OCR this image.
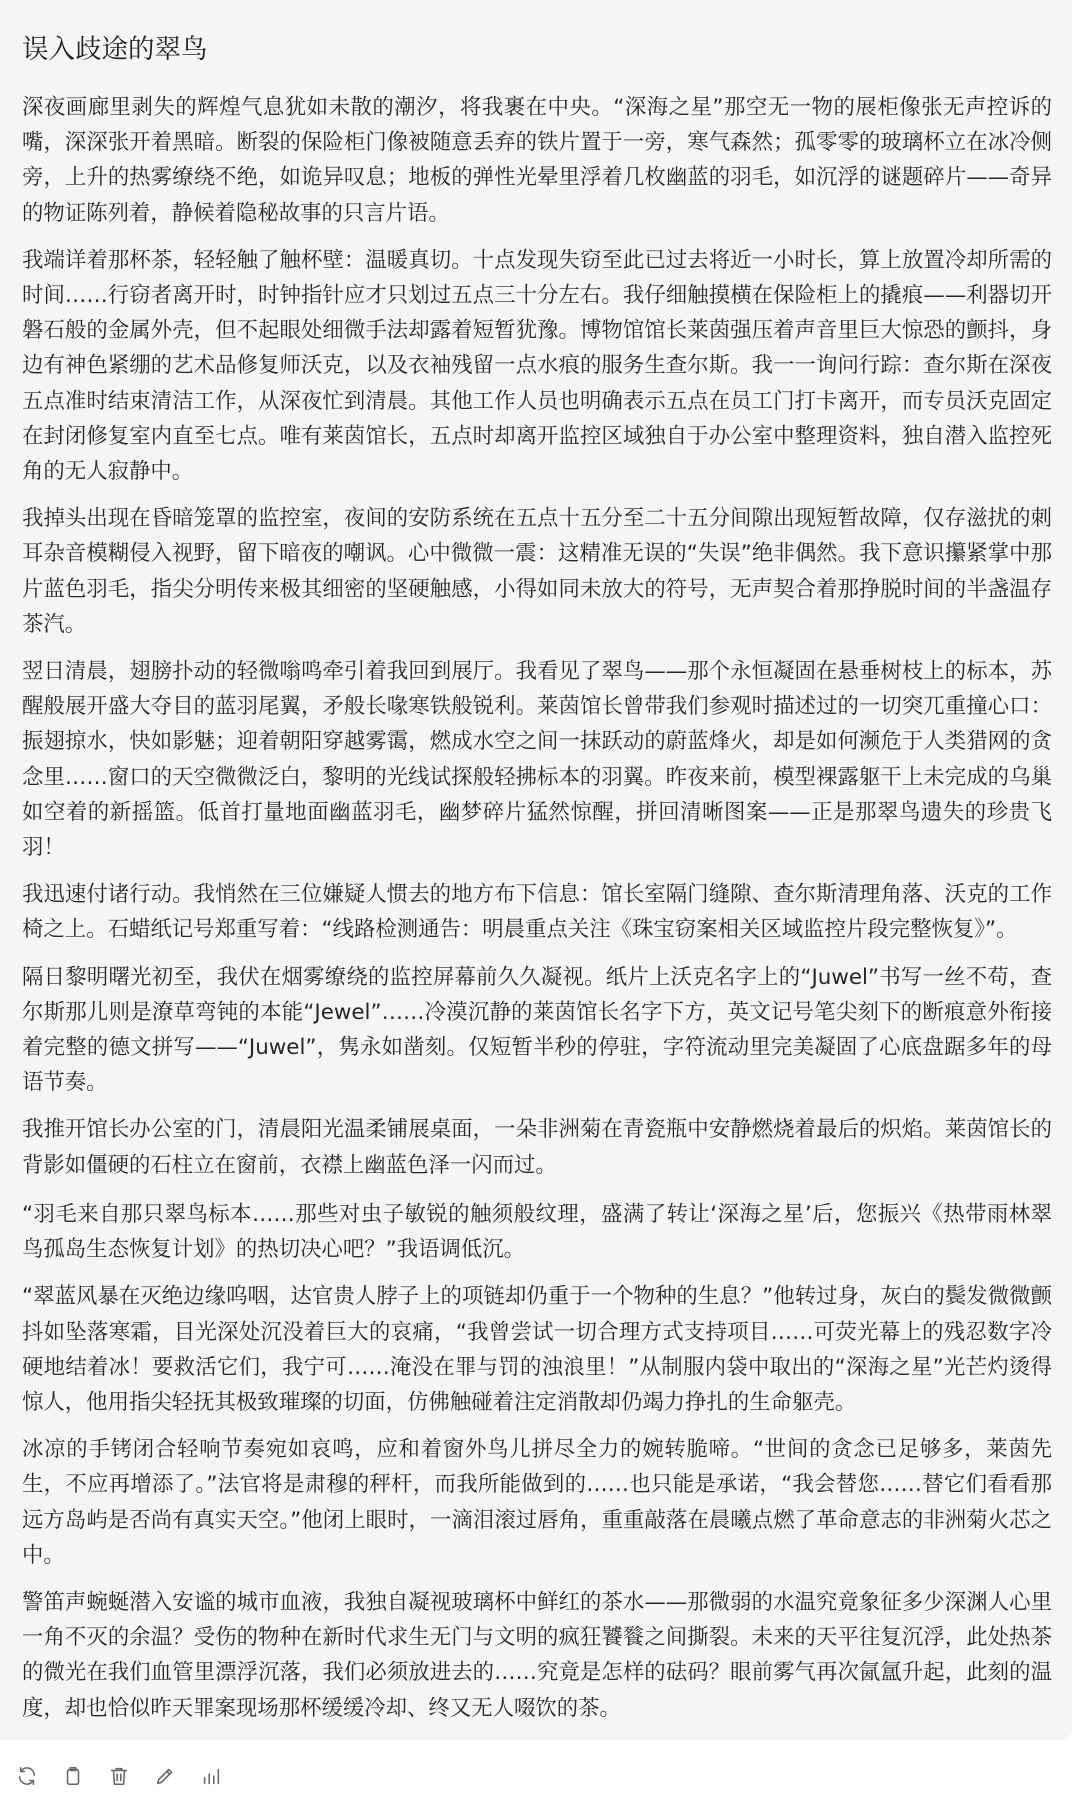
误入歧途的翠鸟

深夜画廊里剥失的辉煌气息犹如未散的潮汐，将我裹在中央。“深海之星”那空无一物的展柜像张无声控诉的嘴，深深张开着黑暗。断裂的保险柜门像被随意丢弃的铁片置于一旁，寒气森然；孤零零的玻璃杯立在冰冷侧旁，上升的热雾缭绕不绝，如诡异叹息；地板的弹性光晕里浮着几枚幽蓝的羽毛，如沉浮的谜题碎片——奇异的物证陈列着，静候着隐秘故事的只言片语。

我端详着那杯茶，轻轻触了触杯壁：温暖真切。十点发现失窃至此已过去将近一小时长，算上放置冷却所需的时间……行窃者离开时，时钟指针应才只划过五点三十分左右。我仔细触摸横在保险柜上的撬痕——利器切开磐石般的金属外壳，但不起眼处细微手法却露着短暂犹豫。博物馆馆长莱茵强压着声音里巨大惊恐的颤抖，身边有神色紧绷的艺术品修复师沃克，以及衣袖残留一点水痕的服务生查尔斯。我一一询问行踪：查尔斯在深夜五点准时结束清洁工作，从深夜忙到清晨。其他工作人员也明确表示五点在员工门打卡离开，而专员沃克固定在封闭修复室内直至七点。唯有莱茵馆长，五点时却离开监控区域独自于办公室中整理资料，独自潜入监控死角的无人寂静中。

我掉头出现在昏暗笼罩的监控室，夜间的安防系统在五点十五分至二十五分间隙出现短暂故障，仅存滋扰的刺耳杂音模糊侵入视野，留下暗夜的嘲讽。心中微微一震：这精准无误的“失误”绝非偶然。我下意识攥紧掌中那片蓝色羽毛，指尖分明传来极其细密的坚硬触感，小得如同未放大的符号，无声契合着那挣脱时间的半盏温存茶汽。

翌日清晨，翅膀扑动的轻微嗡鸣牵引着我回到展厅。我看见了翠鸟——那个永恒凝固在悬垂树枝上的标本，苏醒般展开盛大夺目的蓝羽尾翼，矛般长喙寒铁般锐利。莱茵馆长曾带我们参观时描述过的一切突兀重撞心口：振翅掠水，快如影魅；迎着朝阳穿越雾霭，燃成水空之间一抹跃动的蔚蓝烽火，却是如何濒危于人类猎网的贪念里……窗口的天空微微泛白，黎明的光线试探般轻拂标本的羽翼。昨夜来前，模型裸露躯干上未完成的乌巢如空着的新摇篮。低首打量地面幽蓝羽毛，幽梦碎片猛然惊醒，拼回清晰图案——正是那翠鸟遗失的珍贵飞羽！

我迅速付诸行动。我悄然在三位嫌疑人惯去的地方布下信息：馆长室隔门缝隙、查尔斯清理角落、沃克的工作椅之上。石蜡纸记号郑重写着：“线路检测通告：明晨重点关注《珠宝窃案相关区域监控片段完整恢复》”。

隔日黎明曙光初至，我伏在烟雾缭绕的监控屏幕前久久凝视。纸片上沃克名字上的“Juwel”书写一丝不苟，查尔斯那儿则是潦草弯钝的本能“Jewel”……冷漠沉静的莱茵馆长名字下方，英文记号笔尖刻下的断痕意外衔接着完整的德文拼写——“Juwel”，隽永如凿刻。仅短暂半秒的停驻，字符流动里完美凝固了心底盘踞多年的母语节奏。

我推开馆长办公室的门，清晨阳光温柔铺展桌面，一朵非洲菊在青瓷瓶中安静燃烧着最后的炽焰。莱茵馆长的背影如僵硬的石柱立在窗前，衣襟上幽蓝色泽一闪而过。

“羽毛来自那只翠鸟标本……那些对虫子敏锐的触须般纹理，盛满了转让‘深海之星’后，您振兴《热带雨林翠鸟孤岛生态恢复计划》的热切决心吧？”我语调低沉。

“翠蓝风暴在灭绝边缘呜咽，达官贵人脖子上的项链却仍重于一个物种的生息？”他转过身，灰白的鬓发微微颤抖如坠落寒霜，目光深处沉没着巨大的哀痛，“我曾尝试一切合理方式支持项目……可荧光幕上的残忍数字冷硬地结着冰！要救活它们，我宁可……淹没在罪与罚的浊浪里！”从制服内袋中取出的“深海之星”光芒灼烫得惊人，他用指尖轻抚其极致璀璨的切面，仿佛触碰着注定消散却仍竭力挣扎的生命躯壳。

冰凉的手铐闭合轻响节奏宛如哀鸣，应和着窗外鸟儿拼尽全力的婉转脆啼。“世间的贪念已足够多，莱茵先生，不应再增添了。”法官将是肃穆的秤杆，而我所能做到的……也只能是承诺，“我会替您……替它们看看那远方岛屿是否尚有真实天空。”他闭上眼时，一滴泪滚过唇角，重重敲落在晨曦点燃了革命意志的非洲菊火芯之中。

警笛声蜿蜒潜入安谧的城市血液，我独自凝视玻璃杯中鲜红的茶水——那微弱的水温究竟象征多少深渊人心里一角不灭的余温？受伤的物种在新时代求生无门与文明的疯狂饕餮之间撕裂。未来的天平往复沉浮，此处热茶的微光在我们血管里漂浮沉落，我们必须放进去的……究竟是怎样的砝码？眼前雾气再次氤氲升起，此刻的温度，却也恰似昨天罪案现场那杯缓缓冷却、终又无人啜饮的茶。
